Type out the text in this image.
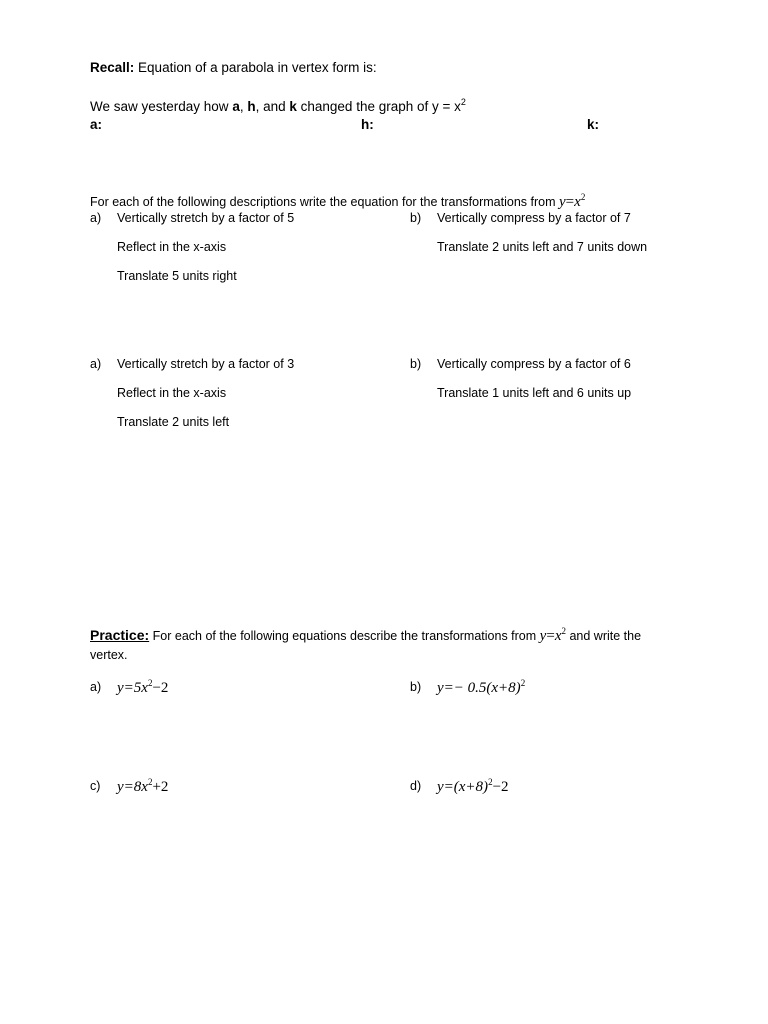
Recall: Equation of a parabola in vertex form is:
We saw yesterday how a, h, and k changed the graph of $y = x^2$
a:	h:	k:
For each of the following descriptions write the equation for the transformations from $y=x^2$
a) Vertically stretch by a factor of 5
Reflect in the x-axis
Translate 5 units right
b) Vertically compress by a factor of 7
Translate 2 units left and 7 units down
a) Vertically stretch by a factor of 3
Reflect in the x-axis
Translate 2 units left
b) Vertically compress by a factor of 6
Translate 1 units left and 6 units up
Practice: For each of the following equations describe the transformations from $y=x^2$ and write the
vertex.
a) $y=5x^2-2$	b) $y=- 0.5(x+8)^2$
c) $y=8x^2+2$	d) $y=(x+8)^2-2$
